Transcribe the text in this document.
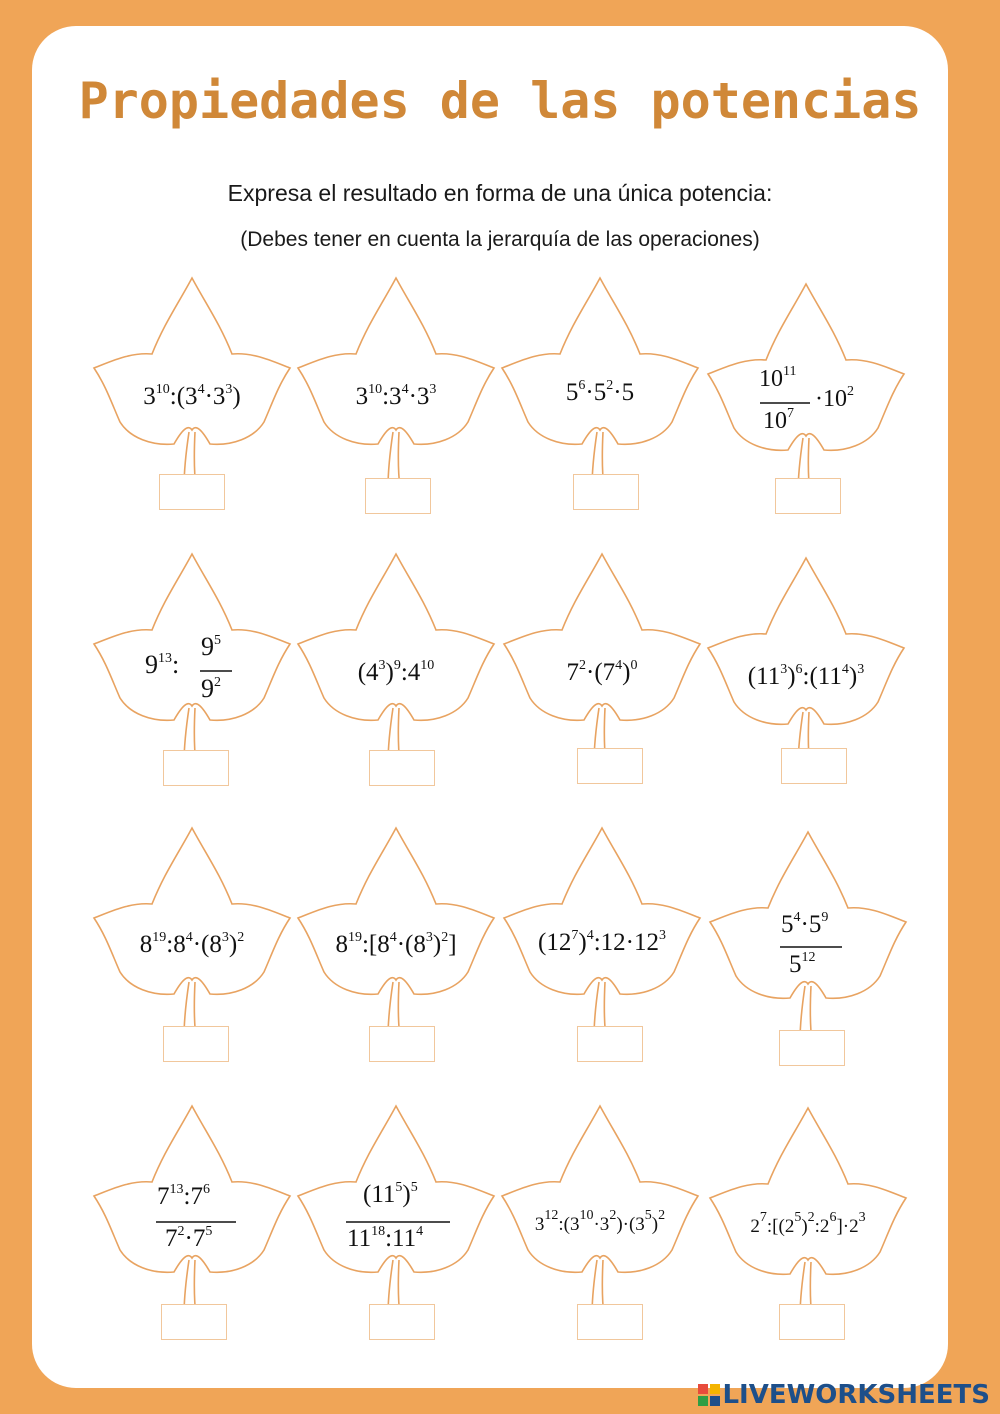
Propiedades de las potencias
Expresa el resultado en forma de una única potencia:
(Debes tener en cuenta la jerarquía de las operaciones)
$3^{10}:(3^4\cdot 3^3)$	$3^{10}:3^4\cdot 3^3$	$5^6\cdot 5^2\cdot 5$	$10^{11}$
$10^7$
$\cdot 10^2$
$9^{13}$:
$9^5$
$9^2$	$(4^3)^9:4^{10}$	$7^2\cdot(7^4)^0$	$(11^3)^6:(11^4)^3$
$8^{19}:8^4\cdot(8^3)^2$	$8^{19}:[8^4\cdot(8^3)^2]$	$(12^7)^4:12\cdot 12^3$	$5^4\cdot 5^9$
$5^{12}$
$7^{13}:7^6$
$7^2\cdot 7^5$
$(11^5)^5$
$11^{18}:11^4$	$3^{12}:(3^{10}\cdot 3^2)\cdot(3^5)^2$
$2^7:[(2^5)^2:2^6]\cdot 2^3$
LIVEWORKSHEETS
